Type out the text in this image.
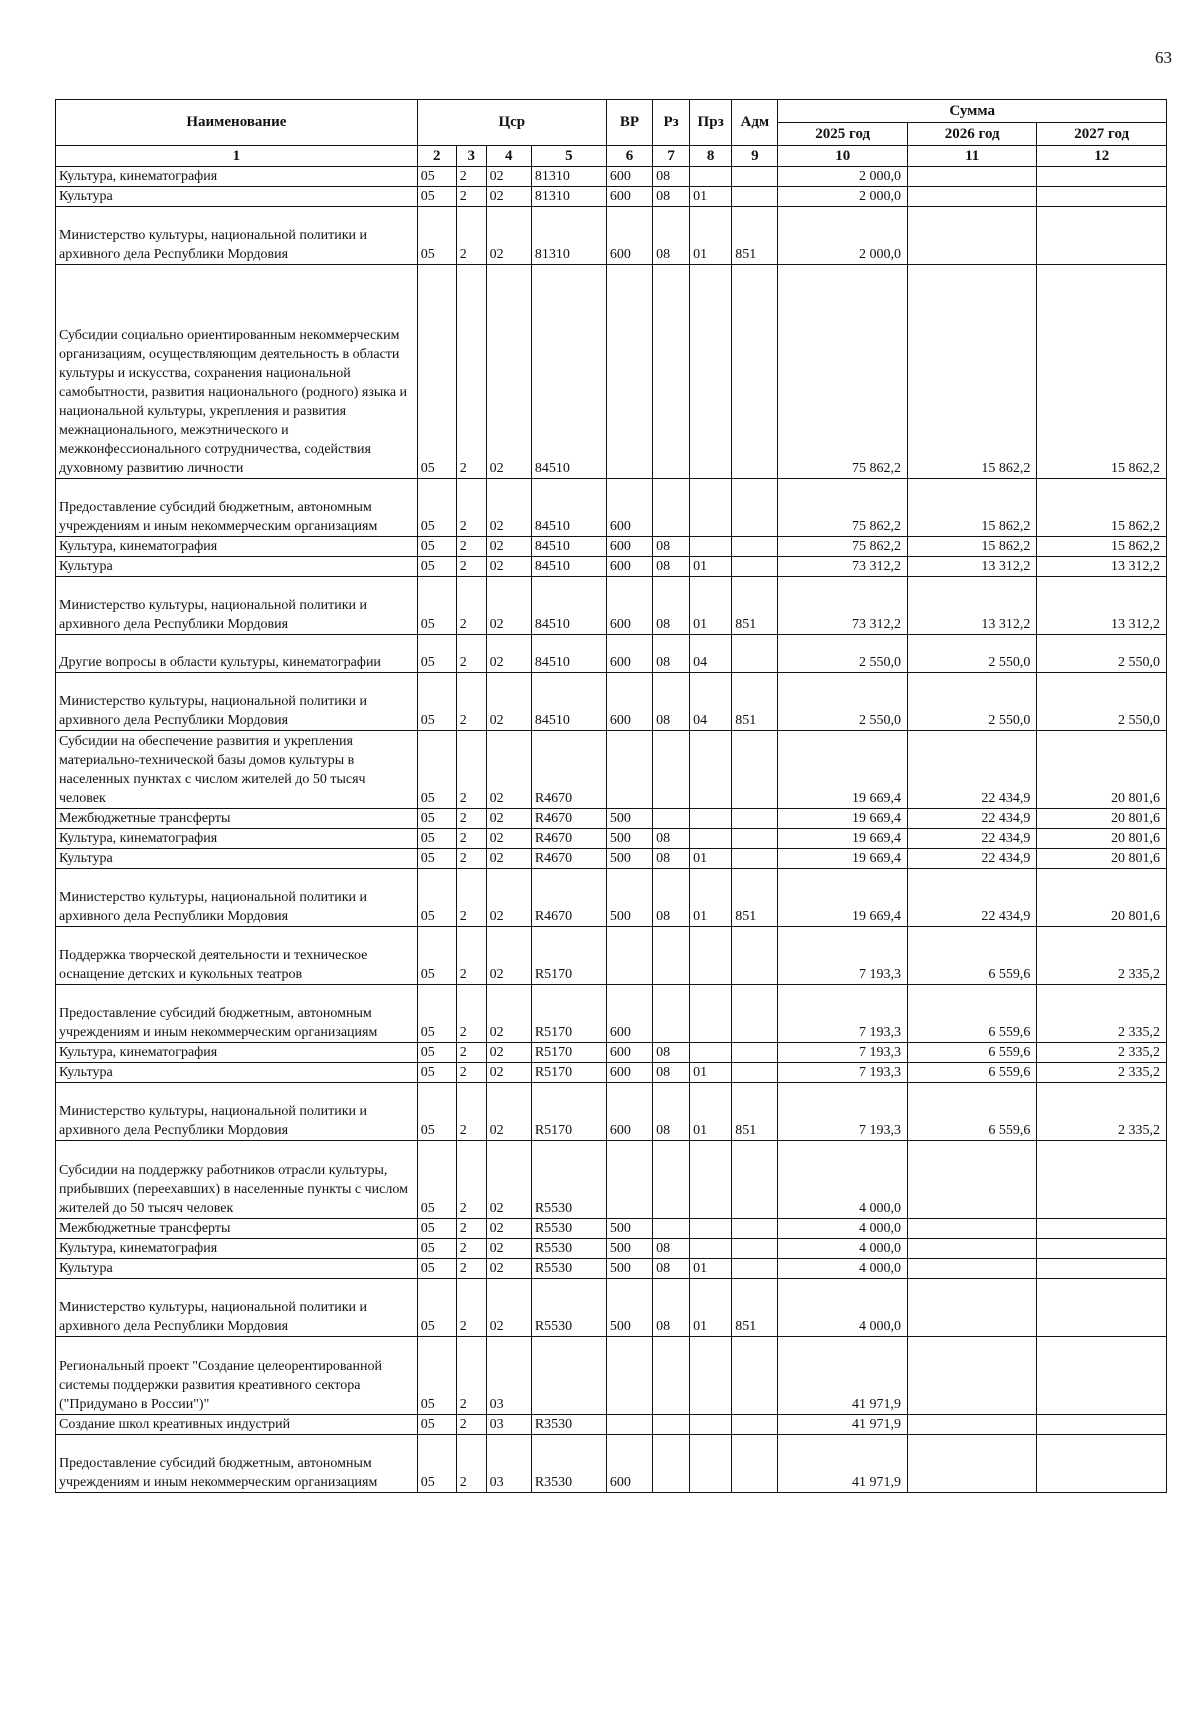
63
Наименование	Цср				ВР	Рз	Прз	Адм	Сумма		
									2025 год	2026 год	2027 год
1	2	3	4	5	6	7	8	9	10	11	12
Культура, кинематография	05	2	02	81310	600	08			2 000,0		
Культура	05	2	02	81310	600	08	01		2 000,0		
Министерство культуры, национальной политики и архивного дела Республики Мордовия	05	2	02	81310	600	08	01	851	2 000,0		
Субсидии социально ориентированным некоммерческим организациям, осуществляющим деятельность в области культуры и искусства, сохранения национальной самобытности, развития национального (родного) языка и национальной культуры, укрепления и развития межнационального, межэтнического и межконфессионального сотрудничества, содействия духовному развитию личности	05	2	02	84510					75 862,2	15 862,2	15 862,2
Предоставление субсидий бюджетным, автономным учреждениям и иным некоммерческим организациям	05	2	02	84510	600				75 862,2	15 862,2	15 862,2
Культура, кинематография	05	2	02	84510	600	08			75 862,2	15 862,2	15 862,2
Культура	05	2	02	84510	600	08	01		73 312,2	13 312,2	13 312,2
Министерство культуры, национальной политики и архивного дела Республики Мордовия	05	2	02	84510	600	08	01	851	73 312,2	13 312,2	13 312,2
Другие вопросы в области культуры, кинематографии	05	2	02	84510	600	08	04		2 550,0	2 550,0	2 550,0
Министерство культуры, национальной политики и архивного дела Республики Мордовия	05	2	02	84510	600	08	04	851	2 550,0	2 550,0	2 550,0
Субсидии на обеспечение развития и укрепления материально-технической базы домов культуры в населенных пунктах с числом жителей до 50 тысяч человек	05	2	02	R4670					19 669,4	22 434,9	20 801,6
Межбюджетные трансферты	05	2	02	R4670	500				19 669,4	22 434,9	20 801,6
Культура, кинематография	05	2	02	R4670	500	08			19 669,4	22 434,9	20 801,6
Культура	05	2	02	R4670	500	08	01		19 669,4	22 434,9	20 801,6
Министерство культуры, национальной политики и архивного дела Республики Мордовия	05	2	02	R4670	500	08	01	851	19 669,4	22 434,9	20 801,6
Поддержка творческой деятельности и техническое оснащение детских и кукольных театров	05	2	02	R5170					7 193,3	6 559,6	2 335,2
Предоставление субсидий бюджетным, автономным учреждениям и иным некоммерческим организациям	05	2	02	R5170	600				7 193,3	6 559,6	2 335,2
Культура, кинематография	05	2	02	R5170	600	08			7 193,3	6 559,6	2 335,2
Культура	05	2	02	R5170	600	08	01		7 193,3	6 559,6	2 335,2
Министерство культуры, национальной политики и архивного дела Республики Мордовия	05	2	02	R5170	600	08	01	851	7 193,3	6 559,6	2 335,2
Субсидии на поддержку работников отрасли культуры, прибывших (переехавших) в населенные пункты с числом жителей до 50 тысяч человек	05	2	02	R5530					4 000,0		
Межбюджетные трансферты	05	2	02	R5530	500				4 000,0		
Культура, кинематография	05	2	02	R5530	500	08			4 000,0		
Культура	05	2	02	R5530	500	08	01		4 000,0		
Министерство культуры, национальной политики и архивного дела Республики Мордовия	05	2	02	R5530	500	08	01	851	4 000,0		
Региональный проект "Создание целеорентированной системы поддержки развития креативного сектора ("Придумано в России")"	05	2	03						41 971,9		
Создание школ креативных индустрий	05	2	03	R3530					41 971,9		
Предоставление субсидий бюджетным, автономным учреждениям и иным некоммерческим организациям	05	2	03	R3530	600				41 971,9		
